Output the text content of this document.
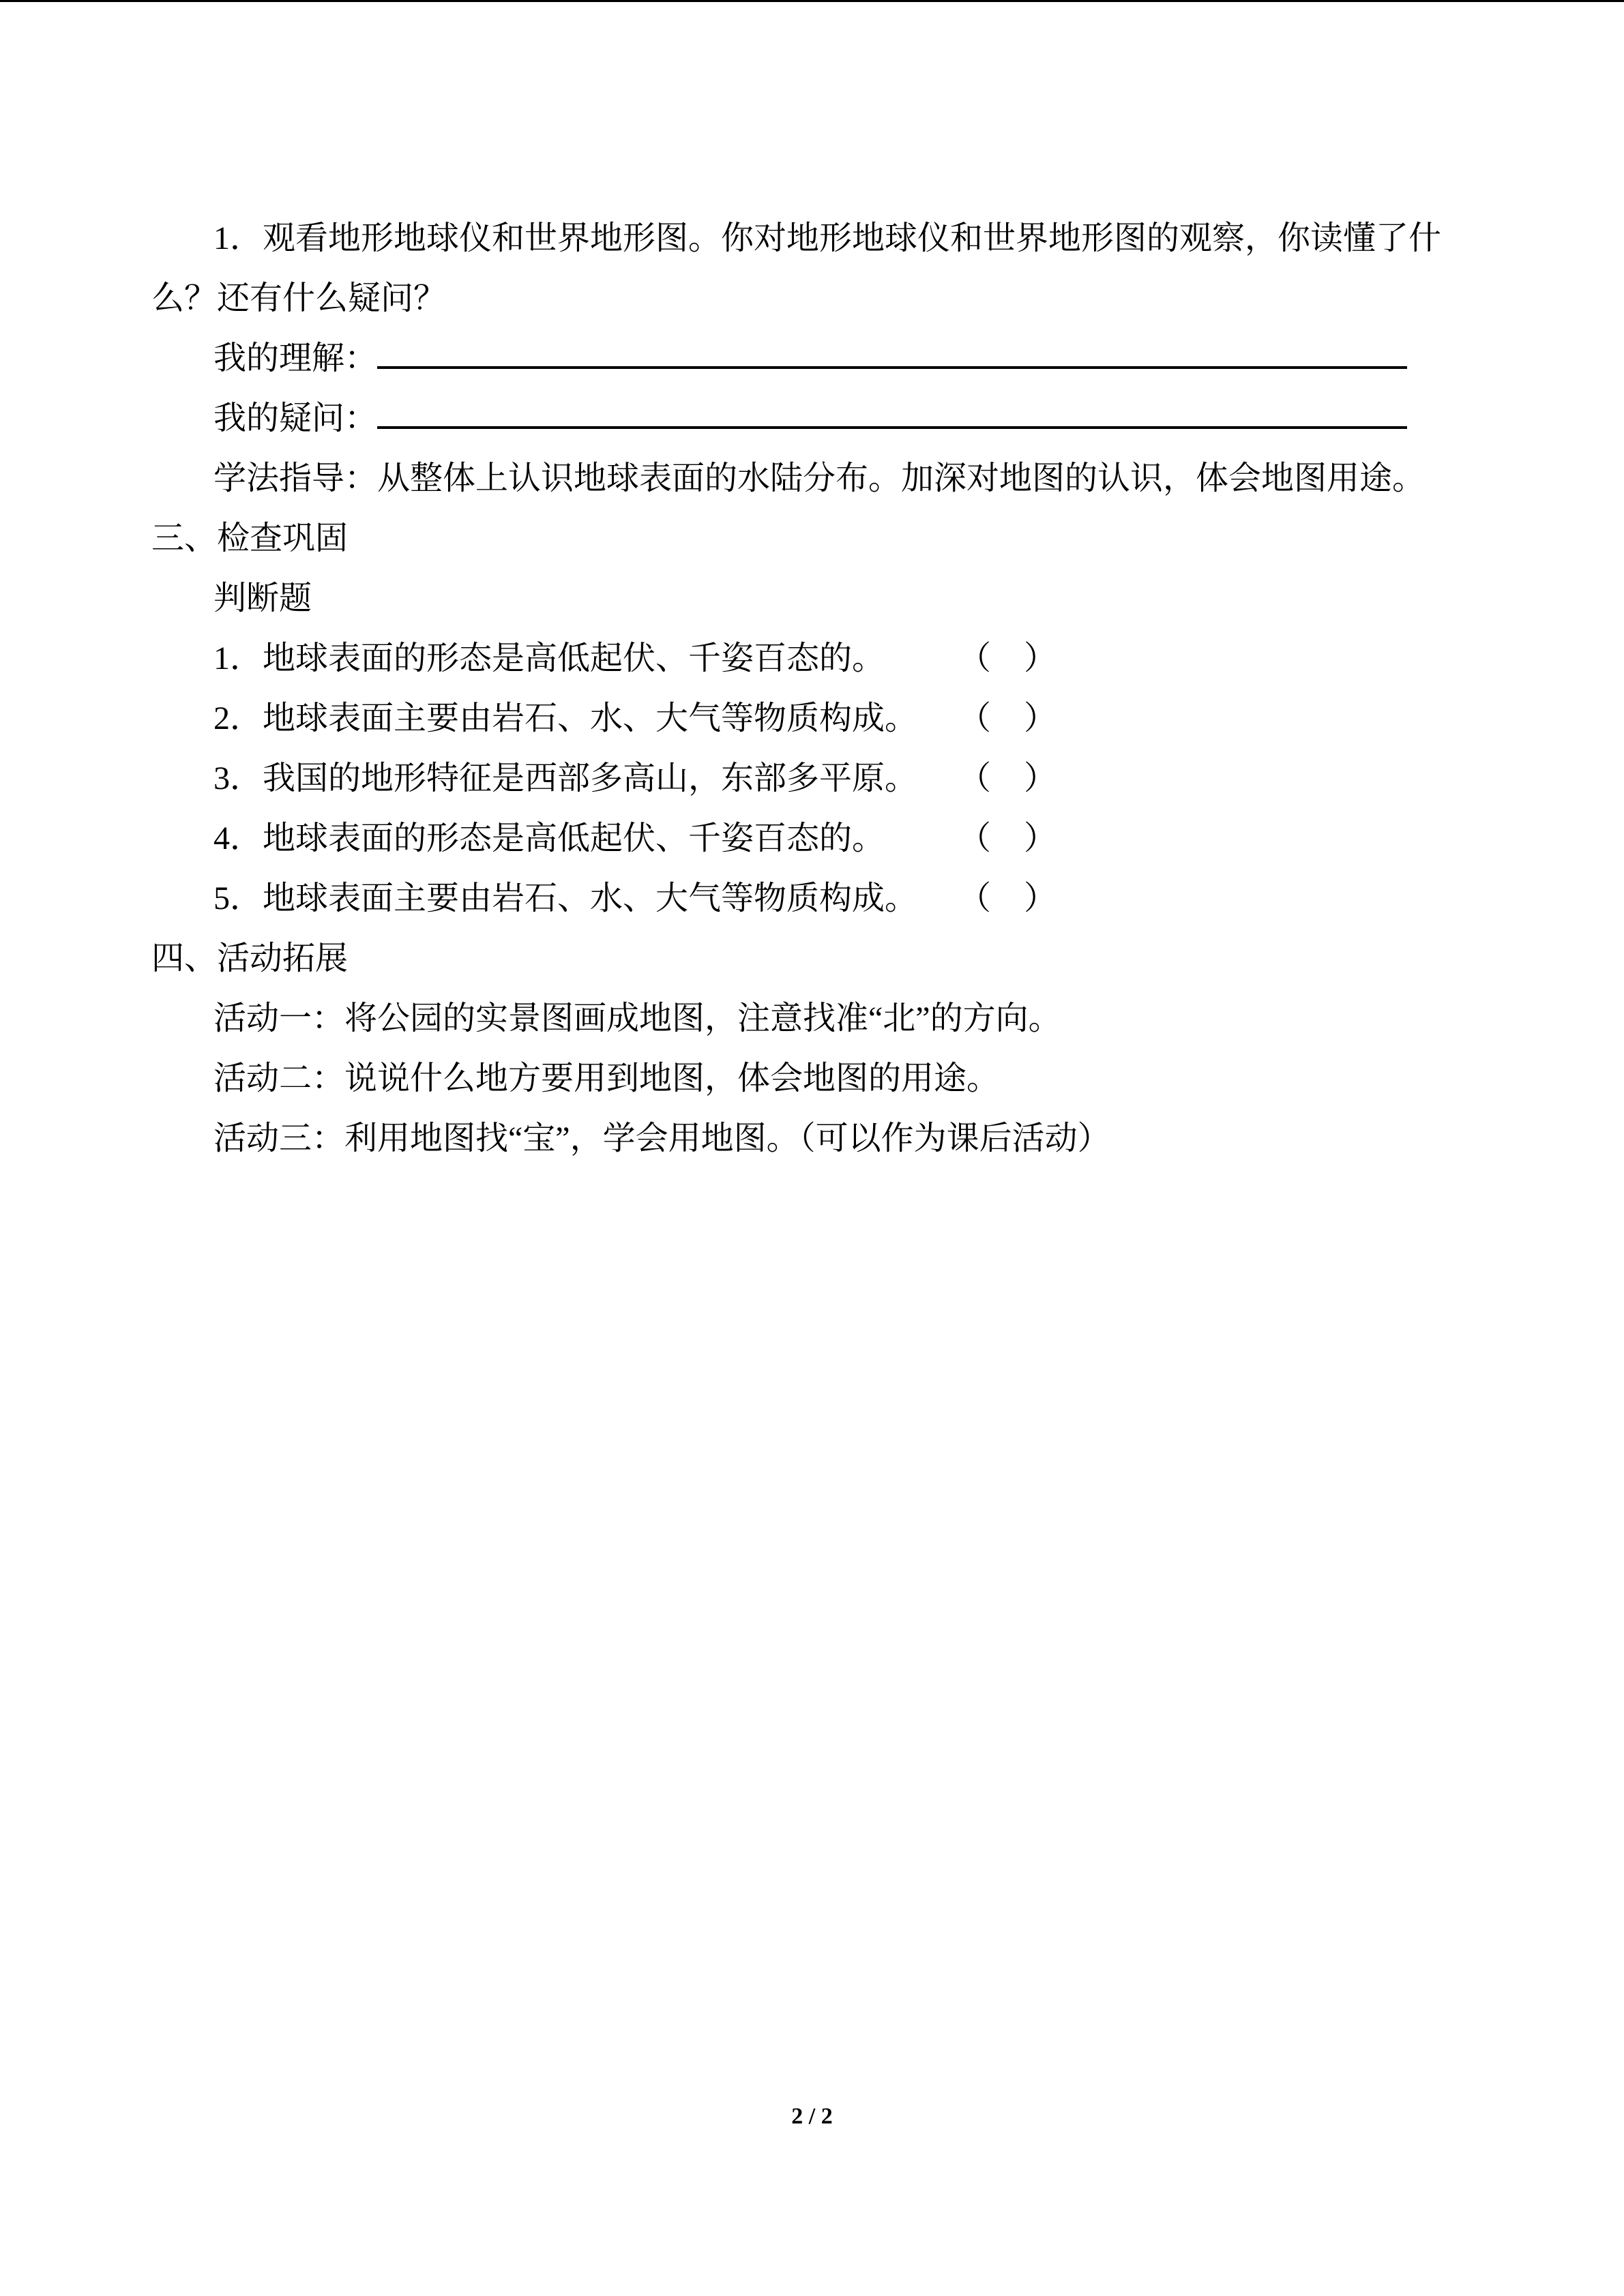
1．观看地形地球仪和世界地形图。你对地形地球仪和世界地形图的观察，你读懂了什
么？还有什么疑问？
我的理解：
我的疑问：
学法指导：从整体上认识地球表面的水陆分布。加深对地图的认识，体会地图用途。
三、检查巩固
判断题
1．地球表面的形态是高低起伏、千姿百态的。 （　）
2．地球表面主要由岩石、水、大气等物质构成。 （　）
3．我国的地形特征是西部多高山，东部多平原。 （　）
4．地球表面的形态是高低起伏、千姿百态的。 （　）
5．地球表面主要由岩石、水、大气等物质构成。 （　）
四、活动拓展
活动一：将公园的实景图画成地图，注意找准“北”的方向。
活动二：说说什么地方要用到地图，体会地图的用途。
活动三：利用地图找“宝”，学会用地图。（可以作为课后活动）
2 / 2
